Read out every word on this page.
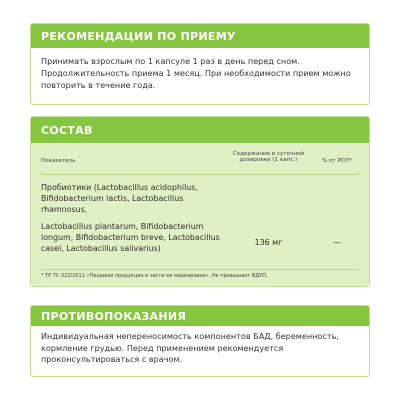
РЕКОМЕНДАЦИИ ПО ПРИЕМУ
Принимать взрослым по 1 капсуле 1 раз в день перед сном. Продолжительность приема 1 месяц. При необходимости прием можно повторить в течение года.
СОСТАВ
Показатель
Содержание в суточной дозировке (1 капс.)	% от РСП*
Пробиотики (Lactobacillus acidophilus, Bifidobacterium lactis, Lactobacillus rhamnosus,
Lactobacillus plantarum, Bifidobacterium longum, Bifidobacterium breve, Lactobacillus casei, Lactobacillus salivarius)
136 мг	—
* ТР ТС 022/2011 «Пищевая продукция в части ее маркировки». Не превышает ВДУП.
ПРОТИВОПОКАЗАНИЯ
Индивидуальная непереносимость компонентов БАД, беременность, кормление грудью. Перед применением рекомендуется проконсультироваться с врачом.
